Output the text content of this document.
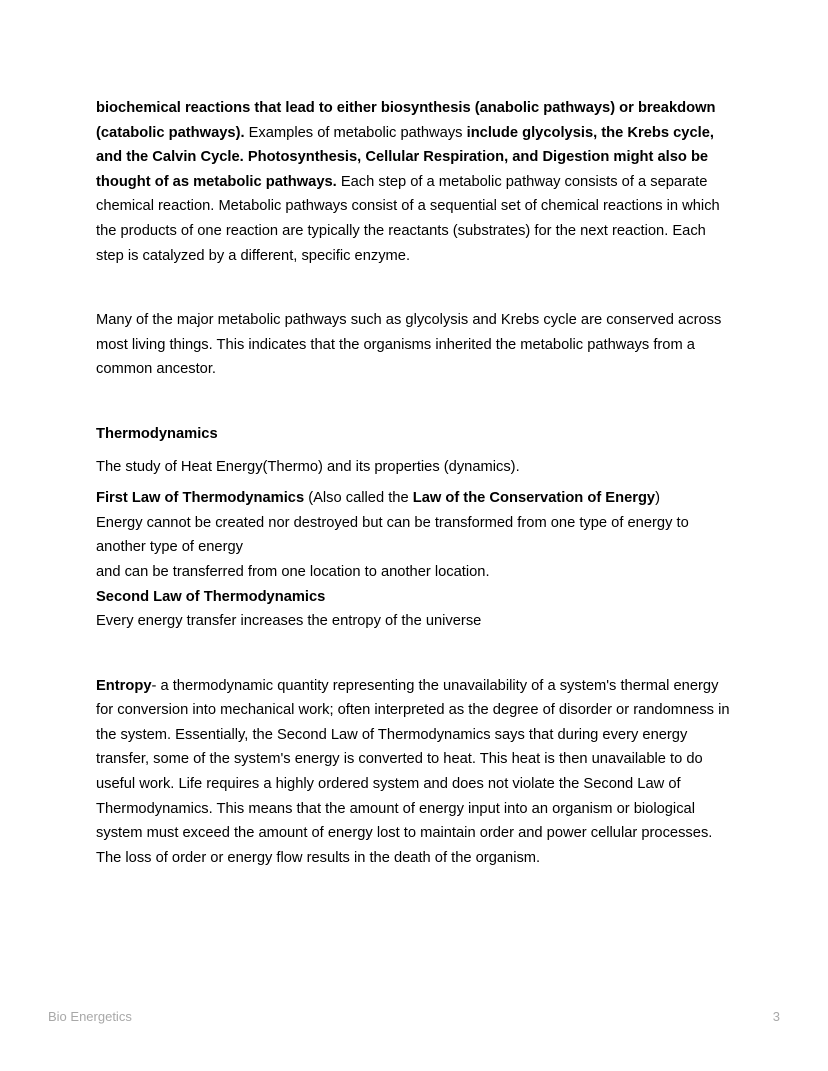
biochemical reactions that lead to either biosynthesis (anabolic pathways) or breakdown (catabolic pathways). Examples of metabolic pathways include glycolysis, the Krebs cycle, and the Calvin Cycle. Photosynthesis, Cellular Respiration, and Digestion might also be thought of as metabolic pathways. Each step of a metabolic pathway consists of a separate chemical reaction. Metabolic pathways consist of a sequential set of chemical reactions in which the products of one reaction are typically the reactants (substrates) for the next reaction. Each step is catalyzed by a different, specific enzyme.

Many of the major metabolic pathways such as glycolysis and Krebs cycle are conserved across most living things. This indicates that the organisms inherited the metabolic pathways from a common ancestor.

Thermodynamics

The study of Heat Energy(Thermo) and its properties (dynamics).

First Law of Thermodynamics (Also called the Law of the Conservation of Energy)
Energy cannot be created nor destroyed but can be transformed from one type of energy to another type of energy
and can be transferred from one location to another location.
Second Law of Thermodynamics
Every energy transfer increases the entropy of the universe

Entropy- a thermodynamic quantity representing the unavailability of a system's thermal energy for conversion into mechanical work; often interpreted as the degree of disorder or randomness in the system. Essentially, the Second Law of Thermodynamics says that during every energy transfer, some of the system's energy is converted to heat. This heat is then unavailable to do useful work. Life requires a highly ordered system and does not violate the Second Law of Thermodynamics. This means that the amount of energy input into an organism or biological system must exceed the amount of energy lost to maintain order and power cellular processes. The loss of order or energy flow results in the death of the organism.

Bio Energetics	3
